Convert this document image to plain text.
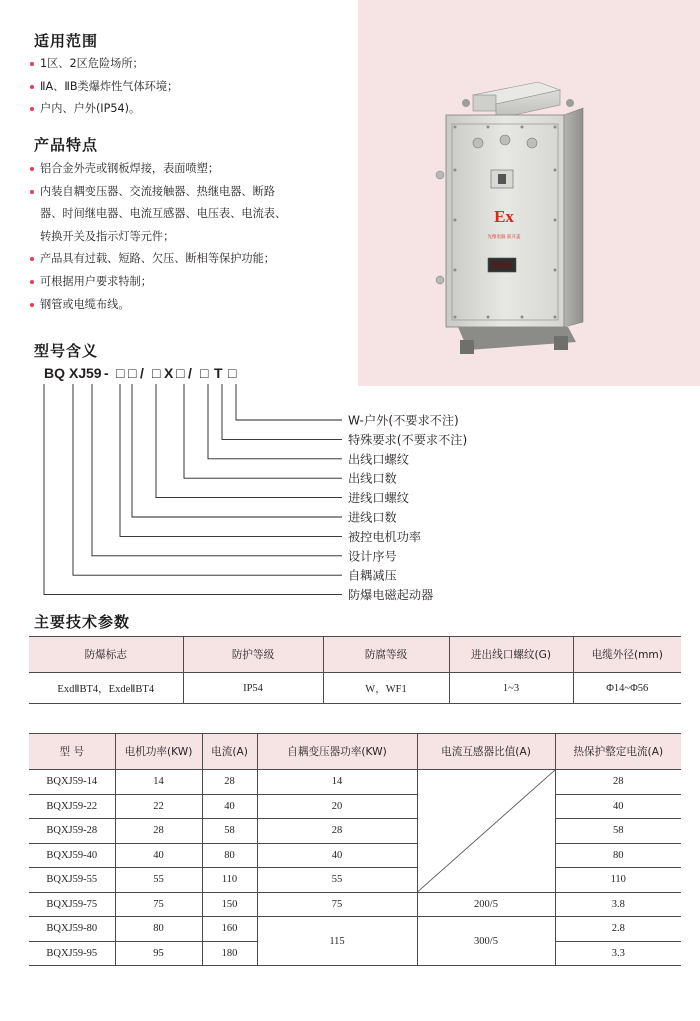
Ex
先维电脑 前开盖
适用范围
1区、2区危险场所；
ⅡA、ⅡB类爆炸性气体环境；
户内、户外(IP54)。
产品特点
铝合金外壳或钢板焊接，表面喷塑；
内装自耦变压器、交流接触器、热继电器、断路
器、时间继电器、电流互感器、电压表、电流表、
转换开关及指示灯等元件；
产品具有过载、短路、欠压、断相等保护功能；
可根据用户要求特制；
钢管或电缆布线。
型号含义
BQ XJ 59 - □ □ / □ X □ / □ T □
W-户外(不要求不注)
特殊要求(不要求不注)
出线口螺纹
出线口数
进线口螺纹
进线口数
被控电机功率
设计序号
自耦减压
防爆电磁起动器
主要技术参数
防爆标志	防护等级	防腐等级	进出线口螺纹(G)	电缆外径(mm)
ExdⅡBT4，ExdeⅡBT4	IP54	W，WF1	1~3	Φ14~Φ56
型 号	电机功率(KW)	电流(A)	自耦变压器功率(KW)	电流互感器比值(A)	热保护整定电流(A)
BQXJ59-14	14	28	14		28
BQXJ59-22	22	40	20		40
BQXJ59-28	28	58	28		58
BQXJ59-40	40	80	40		80
BQXJ59-55	55	110	55		110
BQXJ59-75	75	150	75	200/5	3.8
BQXJ59-80	80	160	115	300/5	2.8
BQXJ59-95	95	180			3.3
